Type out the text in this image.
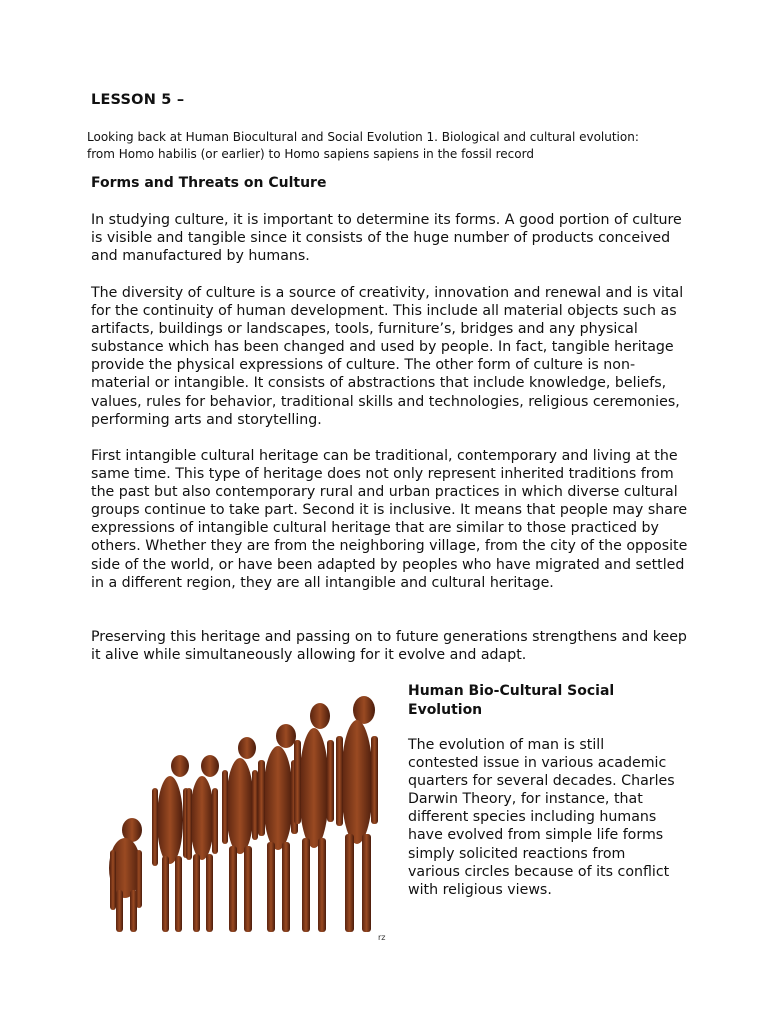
LESSON 5 –
Looking back at Human Biocultural and Social Evolution 1. Biological and cultural evolution:
from Homo habilis (or earlier) to Homo sapiens sapiens in the fossil record
Forms and Threats on Culture

In studying culture, it is important to determine its forms. A good portion of culture is visible and tangible since it consists of the huge number of products conceived and manufactured by humans.

The diversity of culture is a source of creativity, innovation and renewal and is vital for the continuity of human development. This include all material objects such as artifacts, buildings or landscapes, tools, furniture’s, bridges and any physical substance which has been changed and used by people. In fact, tangible heritage provide the physical expressions of culture. The other form of culture is non-material or intangible. It consists of abstractions that include knowledge, beliefs, values, rules for behavior, traditional skills and technologies, religious ceremonies, performing arts and storytelling.

First intangible cultural heritage can be traditional, contemporary and living at the same time. This type of heritage does not only represent inherited traditions from the past but also contemporary rural and urban practices in which diverse cultural groups continue to take part. Second it is inclusive. It means that people may share expressions of intangible cultural heritage that are similar to those practiced by others. Whether they are from the neighboring village, from the city of the opposite side of the world, or have been adapted by peoples who have migrated and settled in a different region, they are all intangible and cultural heritage.

Preserving this heritage and passing on to future generations strengthens and keep it alive while simultaneously allowing for it evolve and adapt.

rz
Human Bio-Cultural Social Evolution

The evolution of man is still contested issue in various academic quarters for several decades. Charles Darwin Theory, for instance, that different species including humans have evolved from simple life forms simply solicited reactions from various circles because of its conflict with religious views.
